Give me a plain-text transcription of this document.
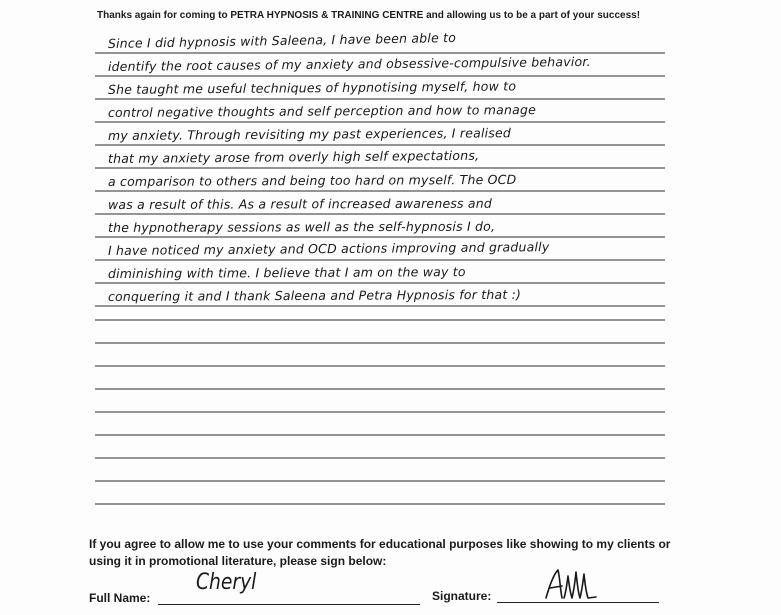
Thanks again for coming to PETRA HYPNOSIS & TRAINING CENTRE and allowing us to be a part of your success!
Since I did hypnosis with Saleena, I have been able to
identify the root causes of my anxiety and obsessive-compulsive behavior.
She taught me useful techniques of hypnotising myself, how to
control negative thoughts and self perception and how to manage
my anxiety. Through revisiting my past experiences, I realised
that my anxiety arose from overly high self expectations,
a comparison to others and being too hard on myself. The OCD
was a result of this. As a result of increased awareness and
the hypnotherapy sessions as well as the self-hypnosis I do,
I have noticed my anxiety and OCD actions improving and gradually
diminishing with time. I believe that I am on the way to
conquering it and I thank Saleena and Petra Hypnosis for that :)
If you agree to allow me to use your comments for educational purposes like showing to my clients or using it in promotional literature, please sign below:
Full Name:
Cheryl
Signature:
